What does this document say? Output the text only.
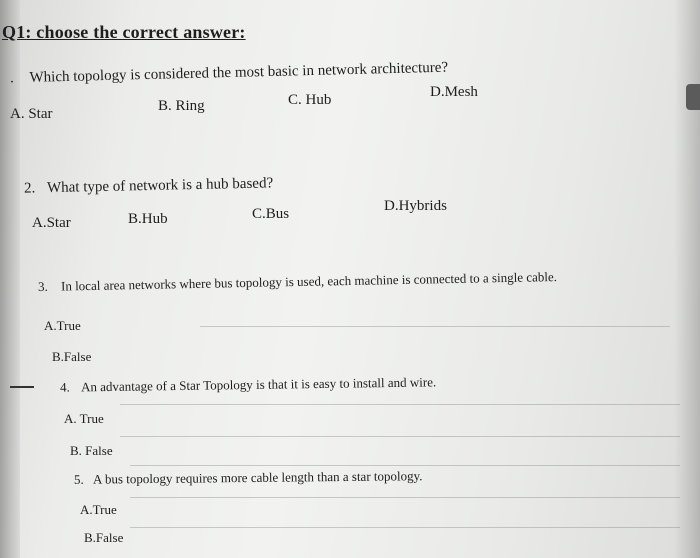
Q1: choose the correct answer:
. Which topology is considered the most basic in network architecture?
A. Star	B. Ring	C. Hub	D.Mesh
2. What type of network is a hub based?
A.Star	B.Hub	C.Bus	D.Hybrids
3. In local area networks where bus topology is used, each machine is connected to a single cable.
A.True
B.False
4. An advantage of a Star Topology is that it is easy to install and wire.
A. True
B. False
5. A bus topology requires more cable length than a star topology.
A.True
B.False
